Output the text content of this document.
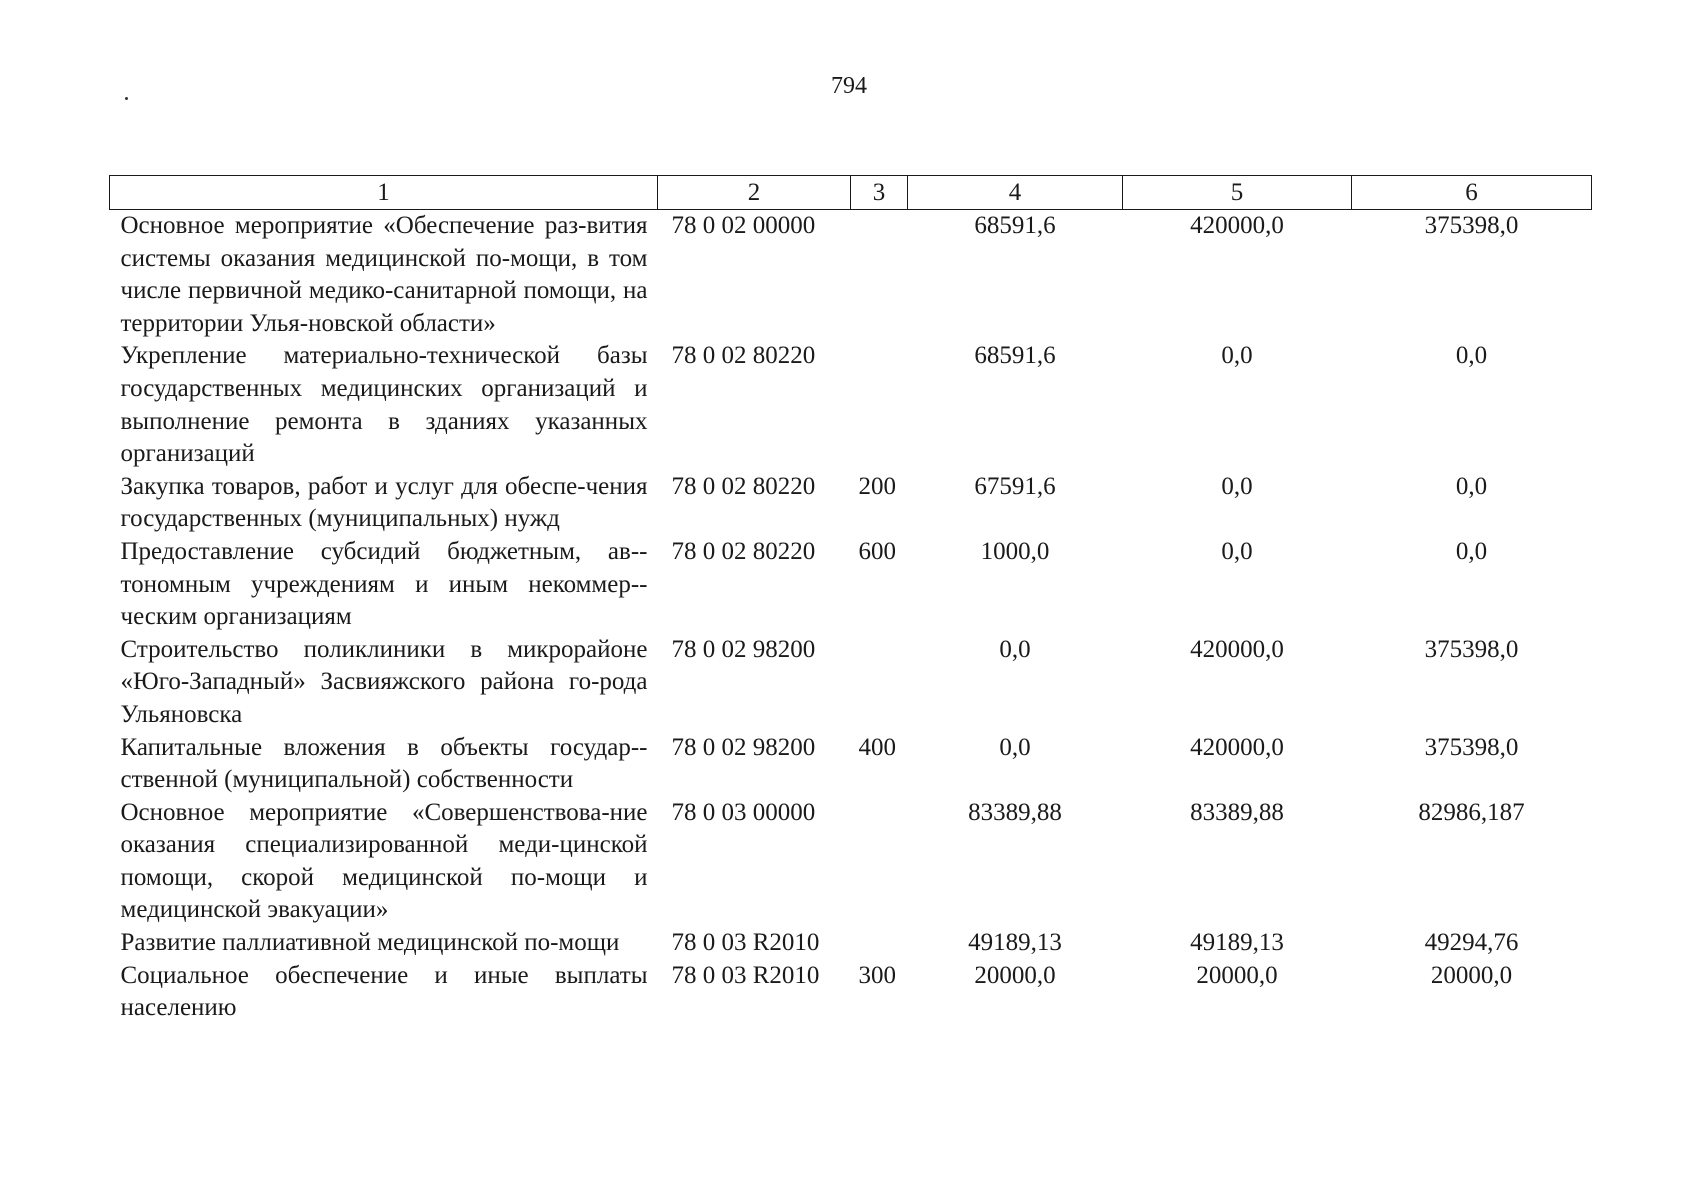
794
1	2	3	4	5	6
Основное мероприятие «Обеспечение раз-вития системы оказания медицинской по-мощи, в том числе первичной медико-санитарной помощи, на территории Улья-новской области»	78 0 02 00000		68591,6	420000,0	375398,0
Укрепление материально-технической базы государственных медицинских организаций и выполнение ремонта в зданиях указанных организаций	78 0 02 80220		68591,6	0,0	0,0
Закупка товаров, работ и услуг для обеспе-чения государственных (муниципальных) нужд	78 0 02 80220	200	67591,6	0,0	0,0
Предоставление субсидий бюджетным, ав-тономным учреждениям и иным некоммер-ческим организациям	78 0 02 80220	600	1000,0	0,0	0,0
Строительство поликлиники в микрорайоне «Юго-Западный» Засвияжского района го-рода Ульяновска	78 0 02 98200		0,0	420000,0	375398,0
Капитальные вложения в объекты государ-ственной (муниципальной) собственности	78 0 02 98200	400	0,0	420000,0	375398,0
Основное мероприятие «Совершенствова-ние оказания специализированной меди-цинской помощи, скорой медицинской по-мощи и медицинской эвакуации»	78 0 03 00000		83389,88	83389,88	82986,187
Развитие паллиативной медицинской по-мощи	78 0 03 R2010		49189,13	49189,13	49294,76
Социальное обеспечение и иные выплаты населению	78 0 03 R2010	300	20000,0	20000,0	20000,0
